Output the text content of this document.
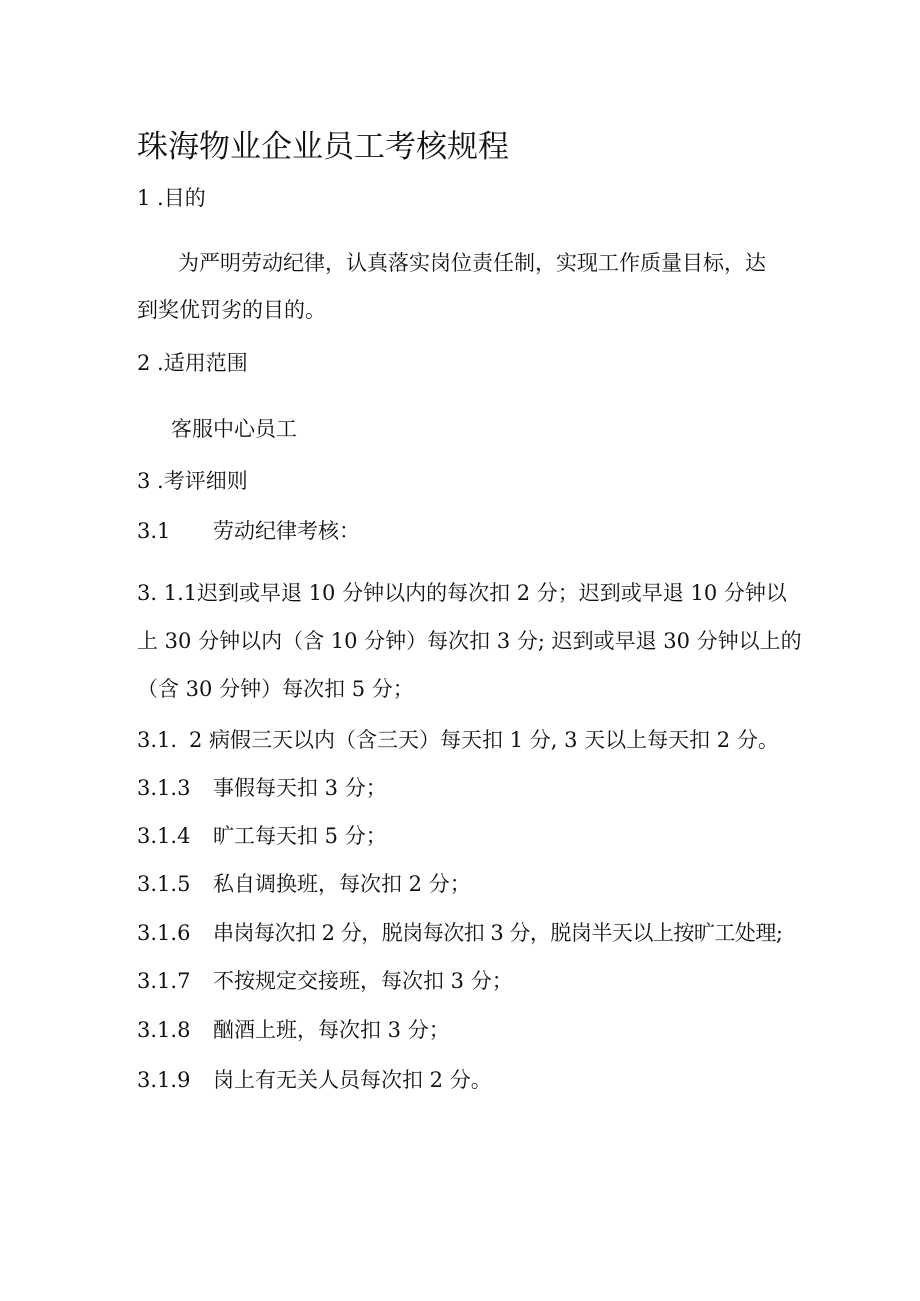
珠海物业企业员工考核规程
1 .目的
为严明劳动纪律，认真落实岗位责任制，实现工作质量目标，达
到奖优罚劣的目的。
2 .适用范围
客服中心员工
3 .考评细则
3.1 劳动纪律考核：
3. 1.1迟到或早退 10 分钟以内的每次扣 2 分；迟到或早退 10 分钟以
上 30 分钟以内（含 10 分钟）每次扣 3 分; 迟到或早退 30 分钟以上的
（含 30 分钟）每次扣 5 分；
3.1. 2 病假三天以内（含三天）每天扣 1 分, 3 天以上每天扣 2 分。
3.1.3 事假每天扣 3 分；
3.1.4 旷工每天扣 5 分；
3.1.5 私自调换班，每次扣 2 分；
3.1.6 串岗每次扣 2 分，脱岗每次扣 3 分，脱岗半天以上按旷工处理;
3.1.7 不按规定交接班，每次扣 3 分；
3.1.8 酗酒上班，每次扣 3 分；
3.1.9 岗上有无关人员每次扣 2 分。
